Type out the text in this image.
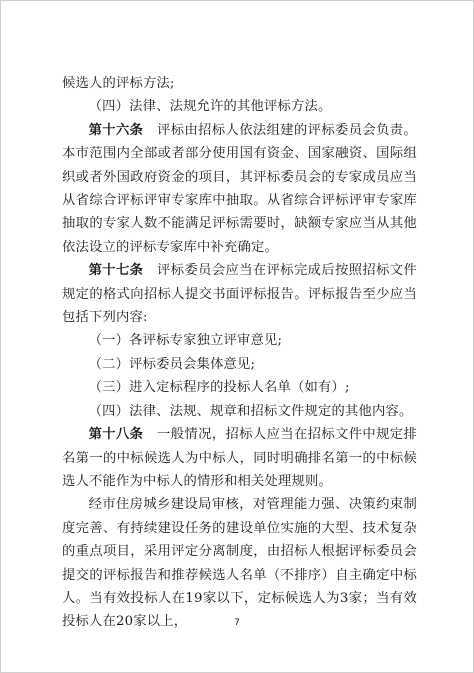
候选人的评标方法;

（四）法律、法规允许的其他评标方法。

第十六条　评标由招标人依法组建的评标委员会负责。本市范围内全部或者部分使用国有资金、国家融资、国际组织或者外国政府资金的项目，其评标委员会的专家成员应当从省综合评标评审专家库中抽取。从省综合评标评审专家库抽取的专家人数不能满足评标需要时，缺额专家应当从其他依法设立的评标专家库中补充确定。

第十七条　评标委员会应当在评标完成后按照招标文件规定的格式向招标人提交书面评标报告。评标报告至少应当包括下列内容:

（一）各评标专家独立评审意见;

（二）评标委员会集体意见;

（三）进入定标程序的投标人名单（如有）;

（四）法律、法规、规章和招标文件规定的其他内容。

第十八条　一般情况，招标人应当在招标文件中规定排名第一的中标候选人为中标人，同时明确排名第一的中标候选人不能作为中标人的情形和相关处理规则。

经市住房城乡建设局审核，对管理能力强、决策约束制度完善、有持续建设任务的建设单位实施的大型、技术复杂的重点项目，采用评定分离制度，由招标人根据评标委员会提交的评标报告和推荐候选人名单（不排序）自主确定中标人。当有效投标人在19家以下，定标候选人为3家；当有效投标人在20家以上，	7
